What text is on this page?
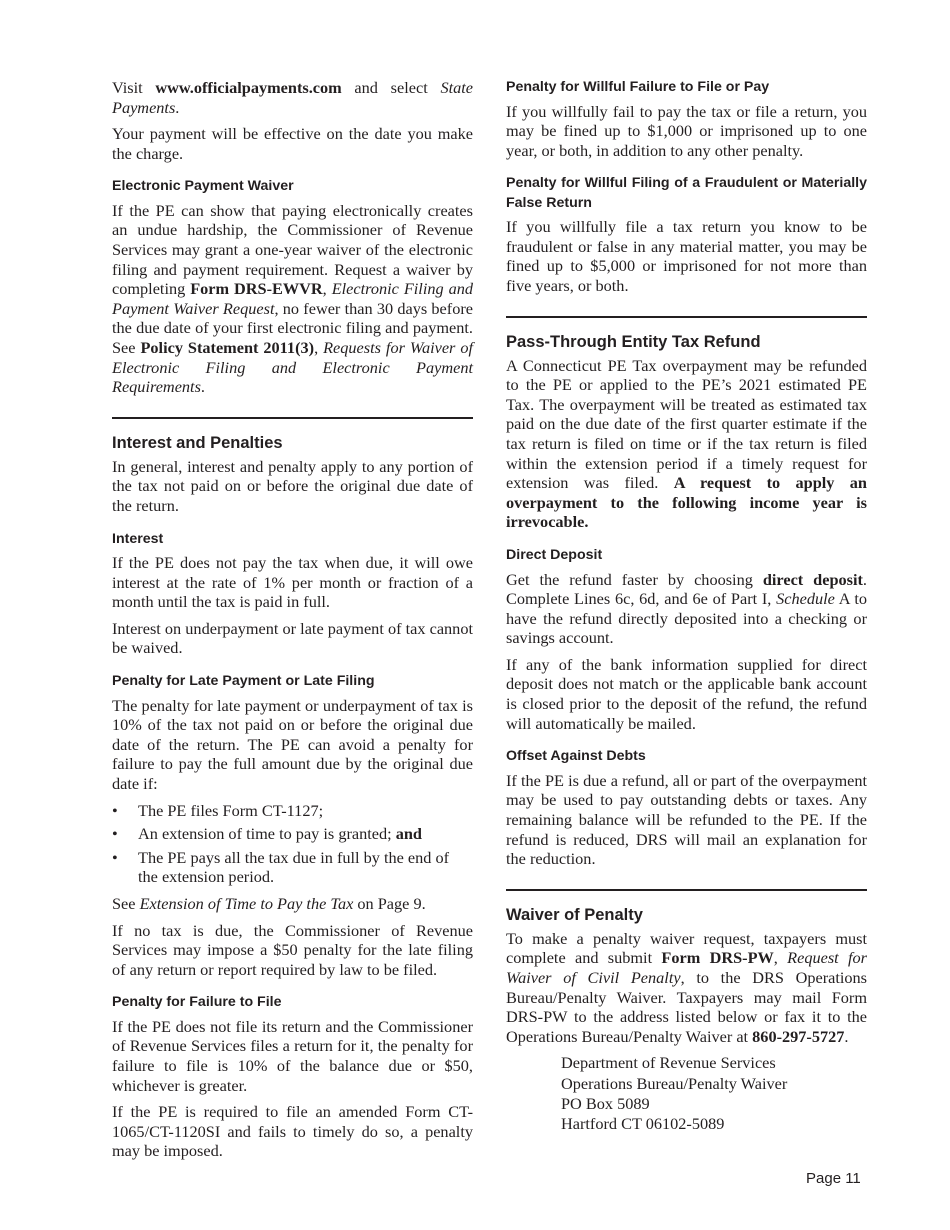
Visit www.officialpayments.com and select State Payments.

Your payment will be effective on the date you make the charge.

Electronic Payment Waiver

If the PE can show that paying electronically creates an undue hardship, the Commissioner of Revenue Services may grant a one-year waiver of the electronic filing and payment requirement. Request a waiver by completing Form DRS-EWVR, Electronic Filing and Payment Waiver Request, no fewer than 30 days before the due date of your first electronic filing and payment. See Policy Statement 2011(3), Requests for Waiver of Electronic Filing and Electronic Payment Requirements.

Interest and Penalties

In general, interest and penalty apply to any portion of the tax not paid on or before the original due date of the return.

Interest

If the PE does not pay the tax when due, it will owe interest at the rate of 1% per month or fraction of a month until the tax is paid in full.

Interest on underpayment or late payment of tax cannot be waived.

Penalty for Late Payment or Late Filing

The penalty for late payment or underpayment of tax is 10% of the tax not paid on or before the original due date of the return. The PE can avoid a penalty for failure to pay the full amount due by the original due date if:

• The PE files Form CT-1127;
• An extension of time to pay is granted; and
• The PE pays all the tax due in full by the end of the extension period.

See Extension of Time to Pay the Tax on Page 9.

If no tax is due, the Commissioner of Revenue Services may impose a $50 penalty for the late filing of any return or report required by law to be filed.

Penalty for Failure to File

If the PE does not file its return and the Commissioner of Revenue Services files a return for it, the penalty for failure to file is 10% of the balance due or $50, whichever is greater.

If the PE is required to file an amended Form CT-1065/CT-1120SI and fails to timely do so, a penalty may be imposed.

Penalty for Willful Failure to File or Pay

If you willfully fail to pay the tax or file a return, you may be fined up to $1,000 or imprisoned up to one year, or both, in addition to any other penalty.

Penalty for Willful Filing of a Fraudulent or Materially False Return

If you willfully file a tax return you know to be fraudulent or false in any material matter, you may be fined up to $5,000 or imprisoned for not more than five years, or both.

Pass-Through Entity Tax Refund

A Connecticut PE Tax overpayment may be refunded to the PE or applied to the PE’s 2021 estimated PE Tax. The overpayment will be treated as estimated tax paid on the due date of the first quarter estimate if the tax return is filed on time or if the tax return is filed within the extension period if a timely request for extension was filed. A request to apply an overpayment to the following income year is irrevocable.

Direct Deposit

Get the refund faster by choosing direct deposit. Complete Lines 6c, 6d, and 6e of Part I, Schedule A to have the refund directly deposited into a checking or savings account.

If any of the bank information supplied for direct deposit does not match or the applicable bank account is closed prior to the deposit of the refund, the refund will automatically be mailed.

Offset Against Debts

If the PE is due a refund, all or part of the overpayment may be used to pay outstanding debts or taxes. Any remaining balance will be refunded to the PE. If the refund is reduced, DRS will mail an explanation for the reduction.

Waiver of Penalty

To make a penalty waiver request, taxpayers must complete and submit Form DRS-PW, Request for Waiver of Civil Penalty, to the DRS Operations Bureau/Penalty Waiver. Taxpayers may mail Form DRS-PW to the address listed below or fax it to the Operations Bureau/Penalty Waiver at 860-297-5727.

Department of Revenue Services
Operations Bureau/Penalty Waiver
PO Box 5089
Hartford CT 06102-5089
Page 11
